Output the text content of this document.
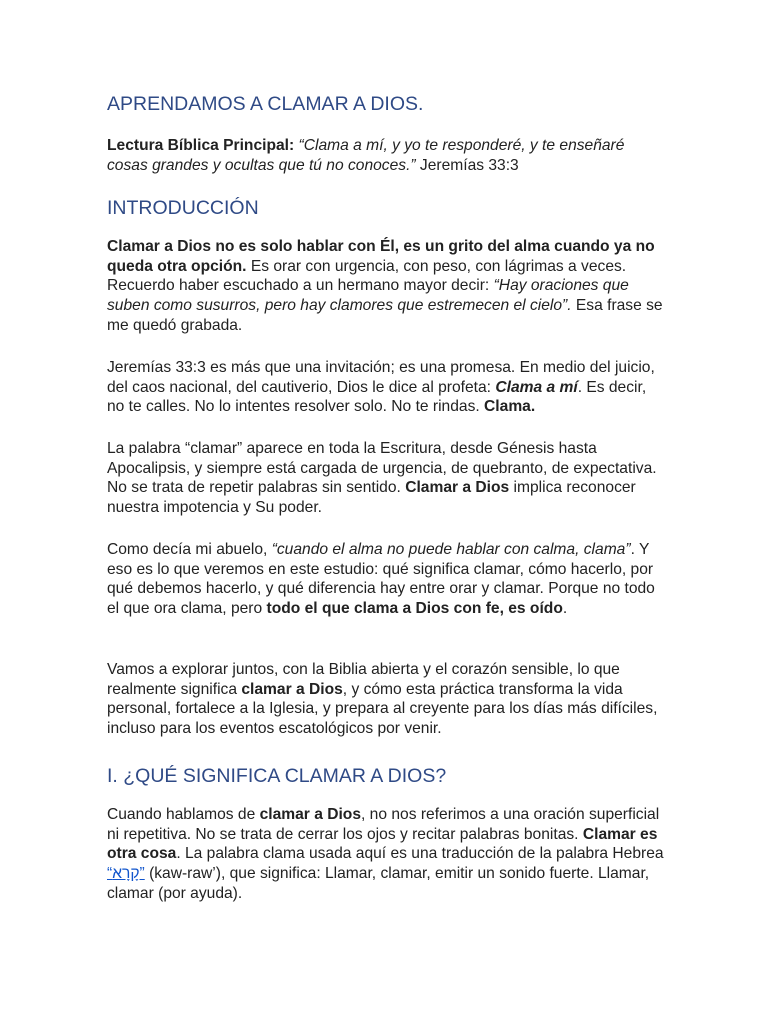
APRENDAMOS A CLAMAR A DIOS.

Lectura Bíblica Principal: “Clama a mí, y yo te responderé, y te enseñaré cosas grandes y ocultas que tú no conoces.” Jeremías 33:3

INTRODUCCIÓN

Clamar a Dios no es solo hablar con Él, es un grito del alma cuando ya no queda otra opción. Es orar con urgencia, con peso, con lágrimas a veces. Recuerdo haber escuchado a un hermano mayor decir: “Hay oraciones que suben como susurros, pero hay clamores que estremecen el cielo”. Esa frase se me quedó grabada.

Jeremías 33:3 es más que una invitación; es una promesa. En medio del juicio, del caos nacional, del cautiverio, Dios le dice al profeta: Clama a mí. Es decir, no te calles. No lo intentes resolver solo. No te rindas. Clama.

La palabra “clamar” aparece en toda la Escritura, desde Génesis hasta Apocalipsis, y siempre está cargada de urgencia, de quebranto, de expectativa. No se trata de repetir palabras sin sentido. Clamar a Dios implica reconocer nuestra impotencia y Su poder.

Como decía mi abuelo, “cuando el alma no puede hablar con calma, clama”. Y eso es lo que veremos en este estudio: qué significa clamar, cómo hacerlo, por qué debemos hacerlo, y qué diferencia hay entre orar y clamar. Porque no todo el que ora clama, pero todo el que clama a Dios con fe, es oído.

Vamos a explorar juntos, con la Biblia abierta y el corazón sensible, lo que realmente significa clamar a Dios, y cómo esta práctica transforma la vida personal, fortalece a la Iglesia, y prepara al creyente para los días más difíciles, incluso para los eventos escatológicos por venir.

I. ¿QUÉ SIGNIFICA CLAMAR A DIOS?

Cuando hablamos de clamar a Dios, no nos referimos a una oración superficial ni repetitiva. No se trata de cerrar los ojos y recitar palabras bonitas. Clamar es otra cosa. La palabra clama usada aquí es una traducción de la palabra Hebrea “קָרָא” (kaw-raw’), que significa: Llamar, clamar, emitir un sonido fuerte. Llamar, clamar (por ayuda).
